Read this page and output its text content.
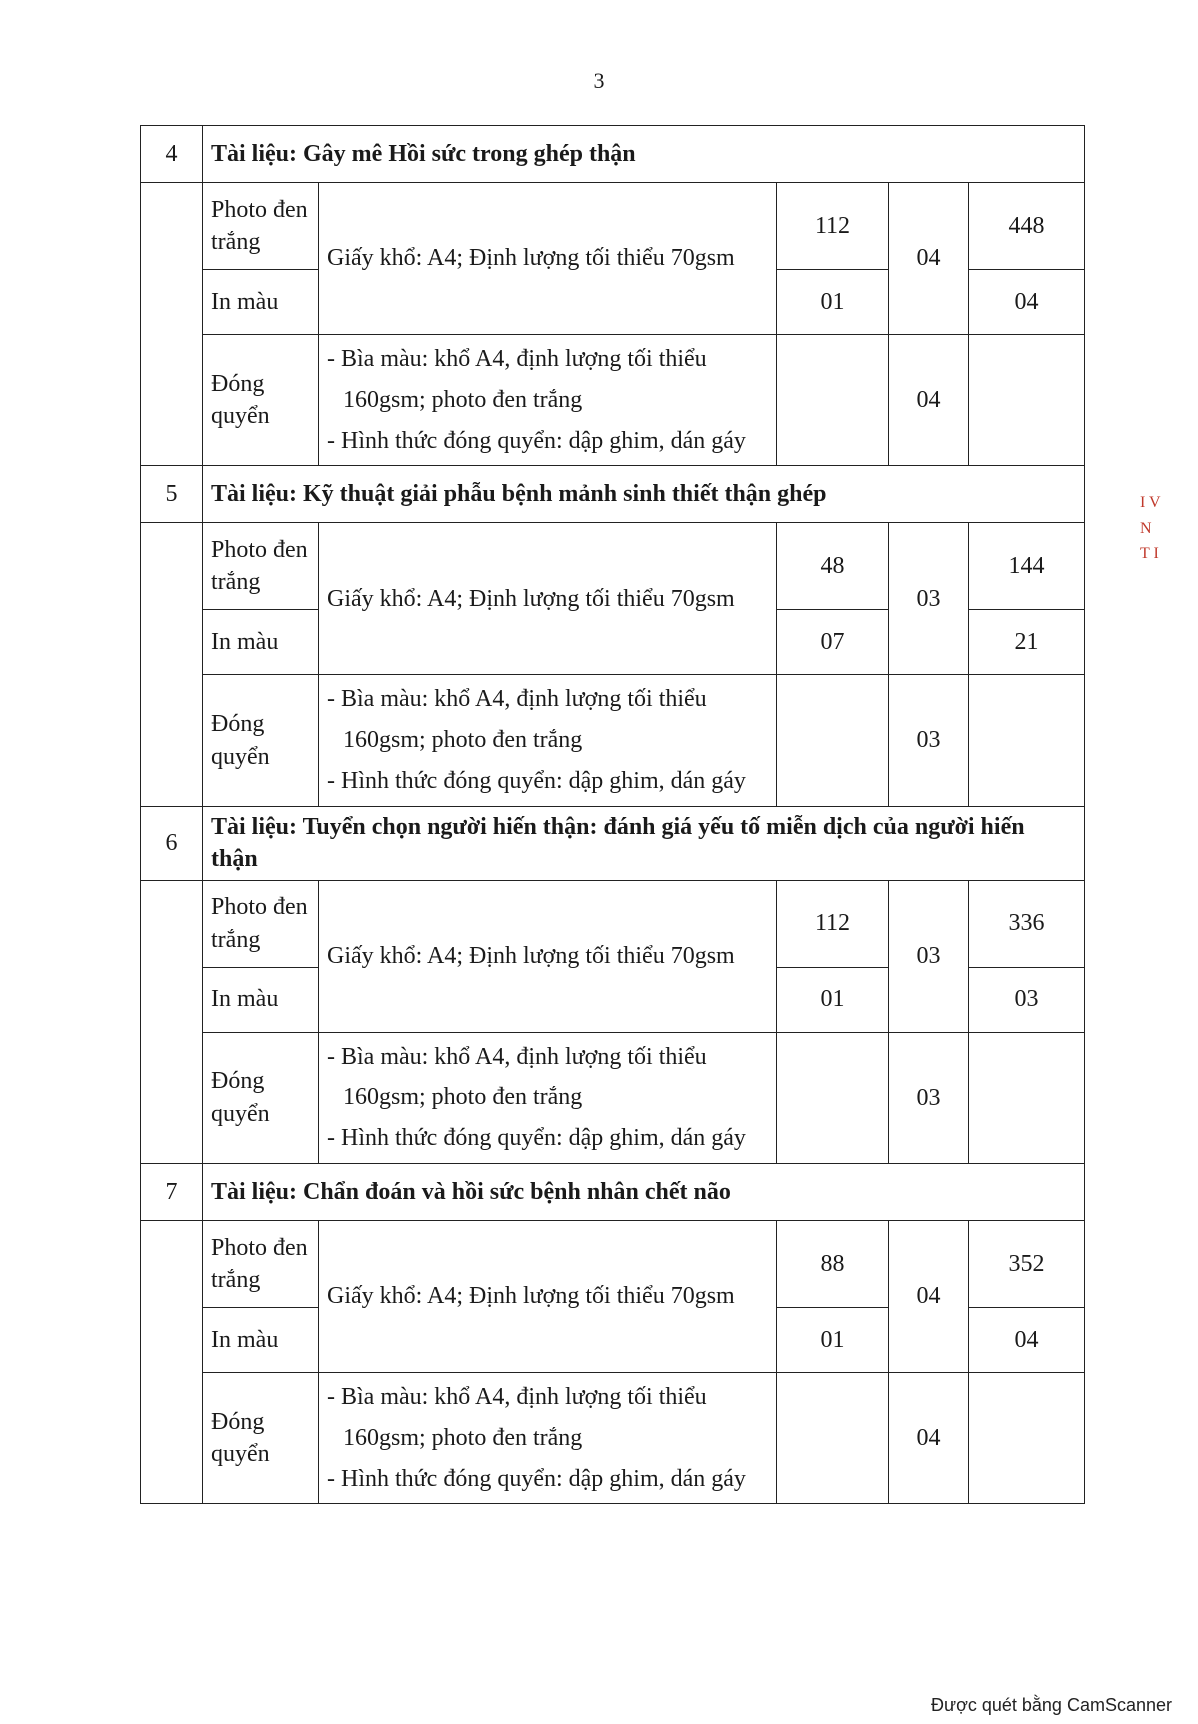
3
4	Tài liệu: Gây mê Hồi sức trong ghép thận				
	Photo đen trắng	Giấy khổ: A4; Định lượng tối thiểu 70gsm	112	04	448
	In màu		01		04
	Đóng quyển	- Bìa màu: khổ A4, định lượng tối thiểu
160gsm; photo đen trắng
- Hình thức đóng quyển: dập ghim, dán gáy		04	
5	Tài liệu: Kỹ thuật giải phẫu bệnh mảnh sinh thiết thận ghép				
	Photo đen trắng	Giấy khổ: A4; Định lượng tối thiểu 70gsm	48	03	144
	In màu		07		21
	Đóng quyển	- Bìa màu: khổ A4, định lượng tối thiểu
160gsm; photo đen trắng
- Hình thức đóng quyển: dập ghim, dán gáy		03	
6	Tài liệu: Tuyển chọn người hiến thận: đánh giá yếu tố miễn dịch của người hiến thận				
	Photo đen trắng	Giấy khổ: A4; Định lượng tối thiểu 70gsm	112	03	336
	In màu		01		03
	Đóng quyển	- Bìa màu: khổ A4, định lượng tối thiểu
160gsm; photo đen trắng
- Hình thức đóng quyển: dập ghim, dán gáy		03	
7	Tài liệu: Chẩn đoán và hồi sức bệnh nhân chết não				
	Photo đen trắng	Giấy khổ: A4; Định lượng tối thiểu 70gsm	88	04	352
	In màu		01		04
	Đóng quyển	- Bìa màu: khổ A4, định lượng tối thiểu
160gsm; photo đen trắng
- Hình thức đóng quyển: dập ghim, dán gáy		04	
I V
N
T I
Được quét bằng CamScanner
